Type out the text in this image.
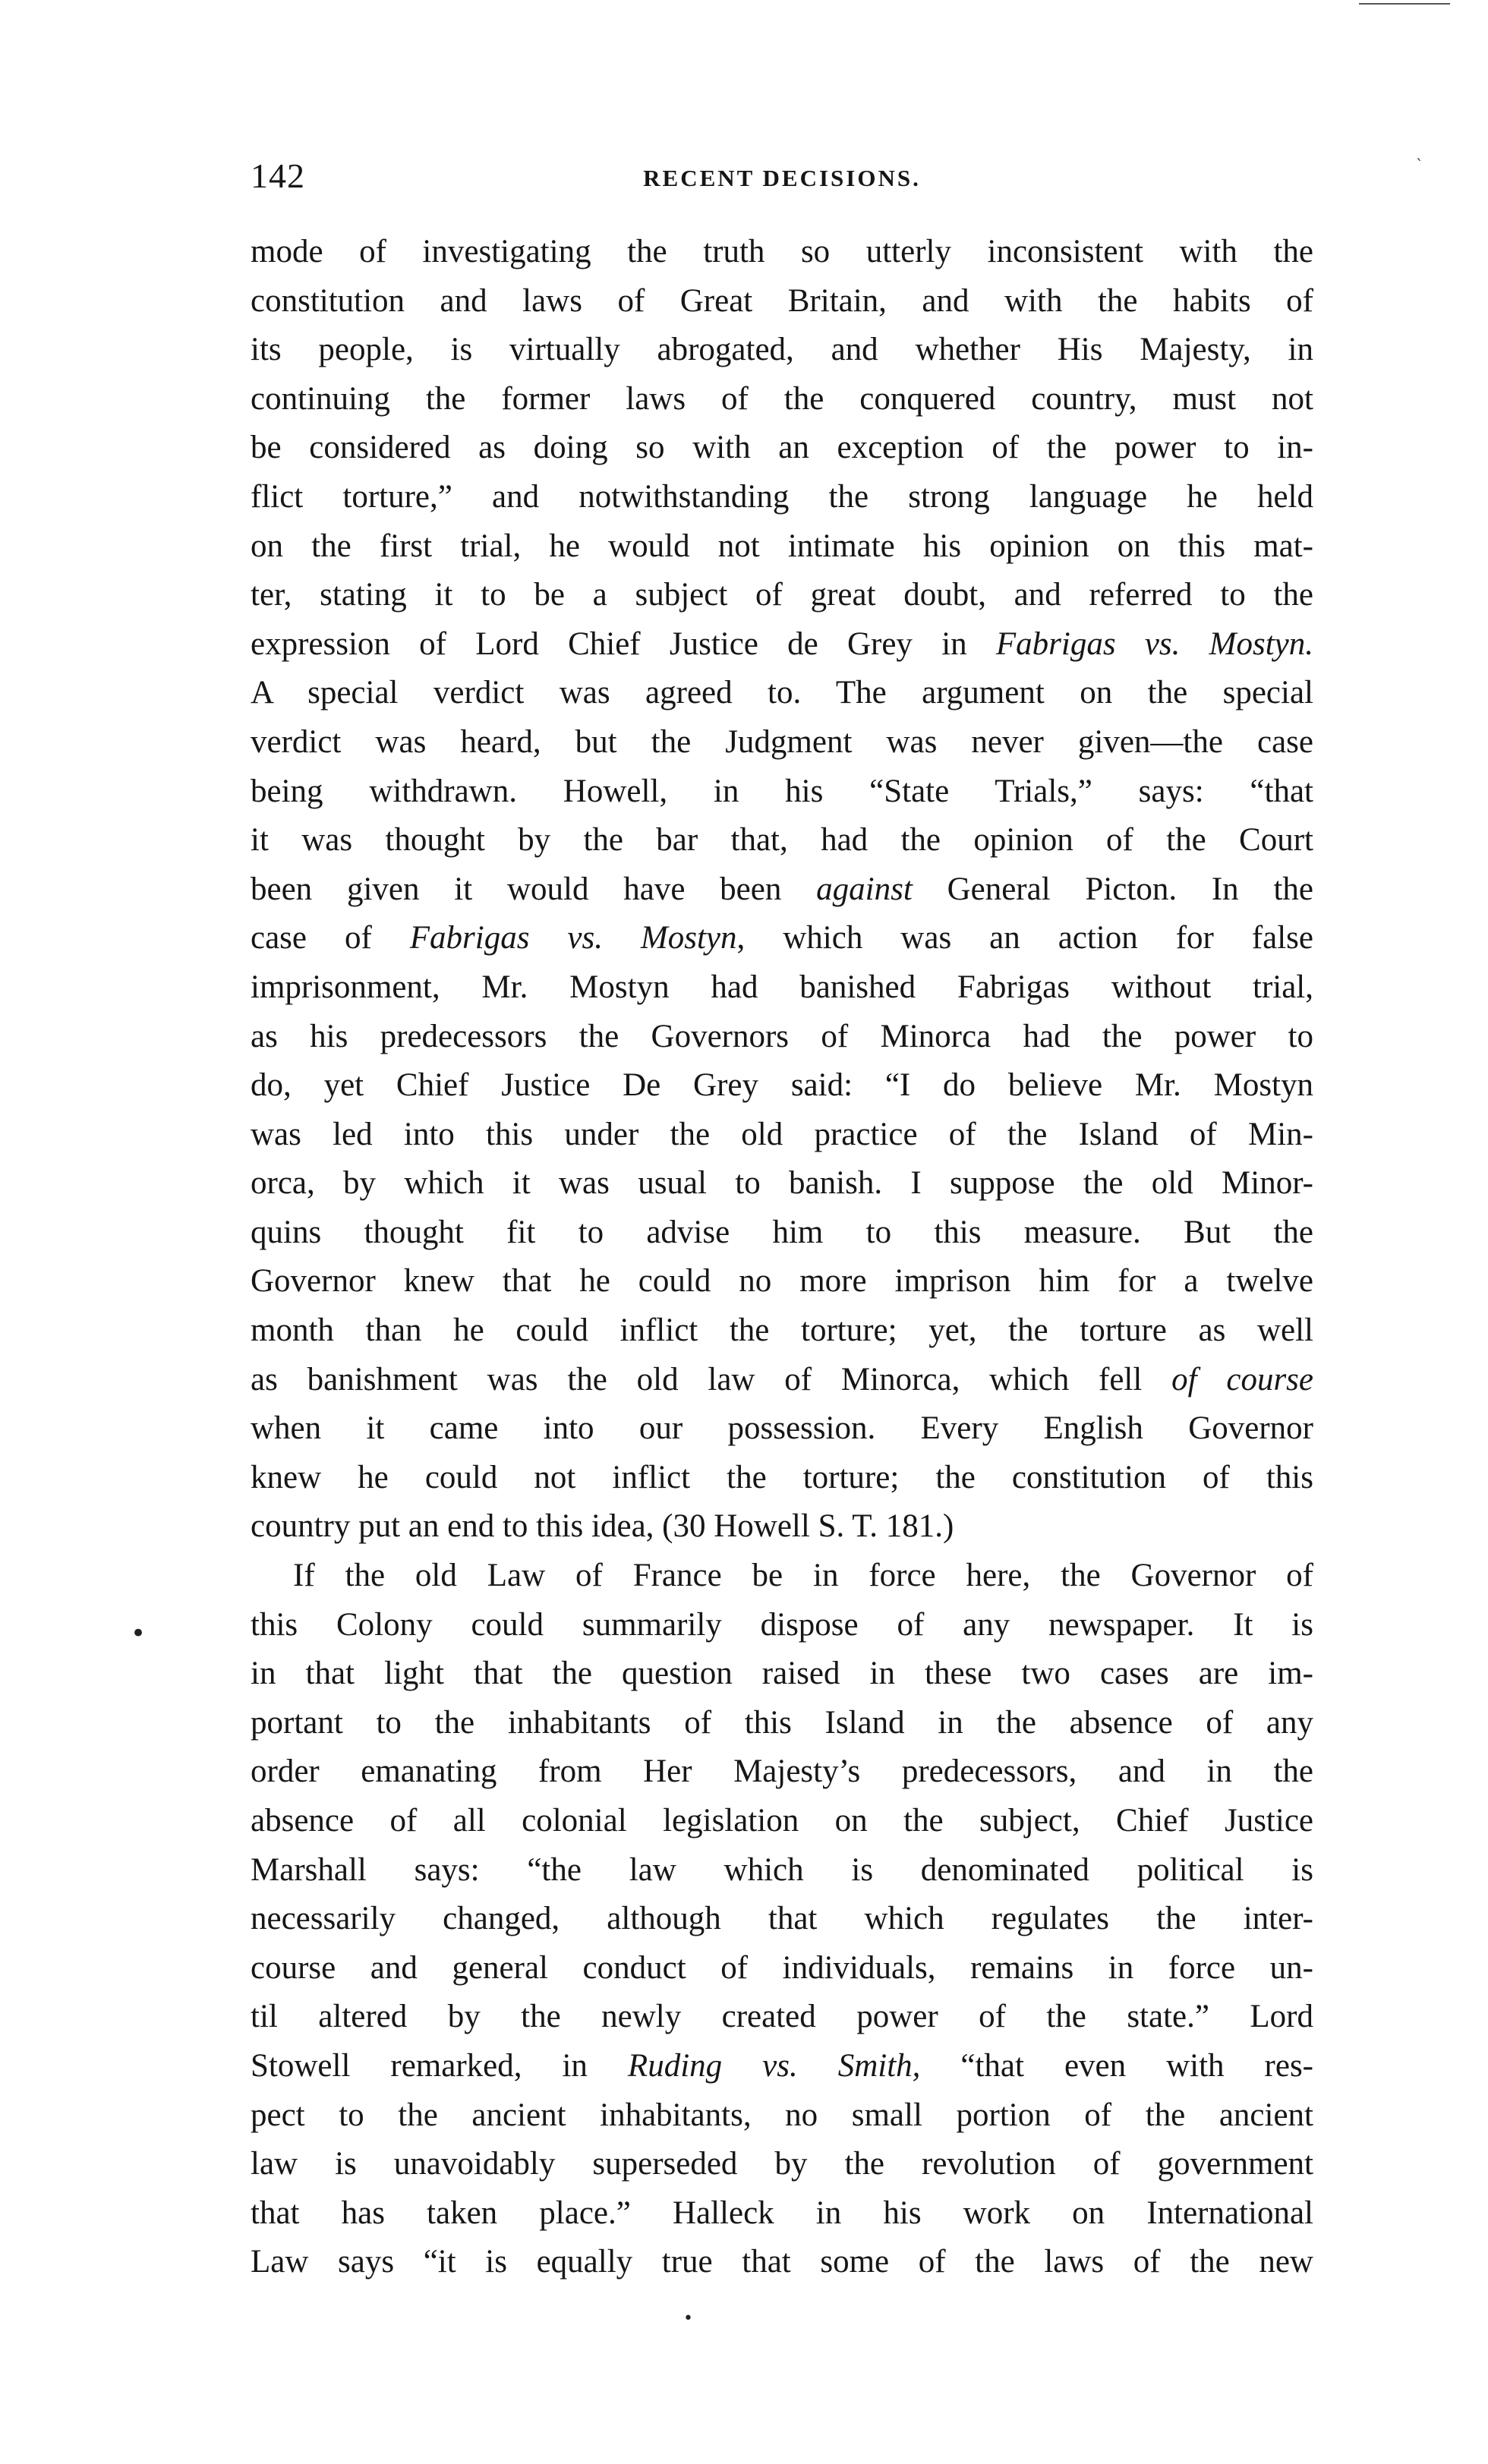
142	RECENT DECISIONS.	ˋ
mode of investigating the truth so utterly inconsistent with the
constitution and laws of Great Britain, and with the habits of
its people, is virtually abrogated, and whether His Majesty, in
continuing the former laws of the conquered country, must not
be considered as doing so with an exception of the power to in-
flict torture,” and notwithstanding the strong language he held
on the first trial, he would not intimate his opinion on this mat-
ter, stating it to be a subject of great doubt, and referred to the
expression of Lord Chief Justice de Grey in Fabrigas vs. Mostyn.
A special verdict was agreed to. The argument on the special
verdict was heard, but the Judgment was never given—the case
being withdrawn. Howell, in his “State Trials,” says: “that
it was thought by the bar that, had the opinion of the Court
been given it would have been against General Picton. In the
case of Fabrigas vs. Mostyn, which was an action for false
imprisonment, Mr. Mostyn had banished Fabrigas without trial,
as his predecessors the Governors of Minorca had the power to
do, yet Chief Justice De Grey said: “I do believe Mr. Mostyn
was led into this under the old practice of the Island of Min-
orca, by which it was usual to banish. I suppose the old Minor-
quins thought fit to advise him to this measure. But the
Governor knew that he could no more imprison him for a twelve
month than he could inflict the torture; yet, the torture as well
as banishment was the old law of Minorca, which fell of course
when it came into our possession. Every English Governor
knew he could not inflict the torture; the constitution of this
country put an end to this idea, (30 Howell S. T. 181.)
If the old Law of France be in force here, the Governor of
this Colony could summarily dispose of any newspaper. It is
in that light that the question raised in these two cases are im-
portant to the inhabitants of this Island in the absence of any
order emanating from Her Majesty’s predecessors, and in the
absence of all colonial legislation on the subject, Chief Justice
Marshall says: “the law which is denominated political is
necessarily changed, although that which regulates the inter-
course and general conduct of individuals, remains in force un-
til altered by the newly created power of the state.” Lord
Stowell remarked, in Ruding vs. Smith, “that even with res-
pect to the ancient inhabitants, no small portion of the ancient
law is unavoidably superseded by the revolution of government
that has taken place.” Halleck in his work on International
Law says “it is equally true that some of the laws of the new
•
•
